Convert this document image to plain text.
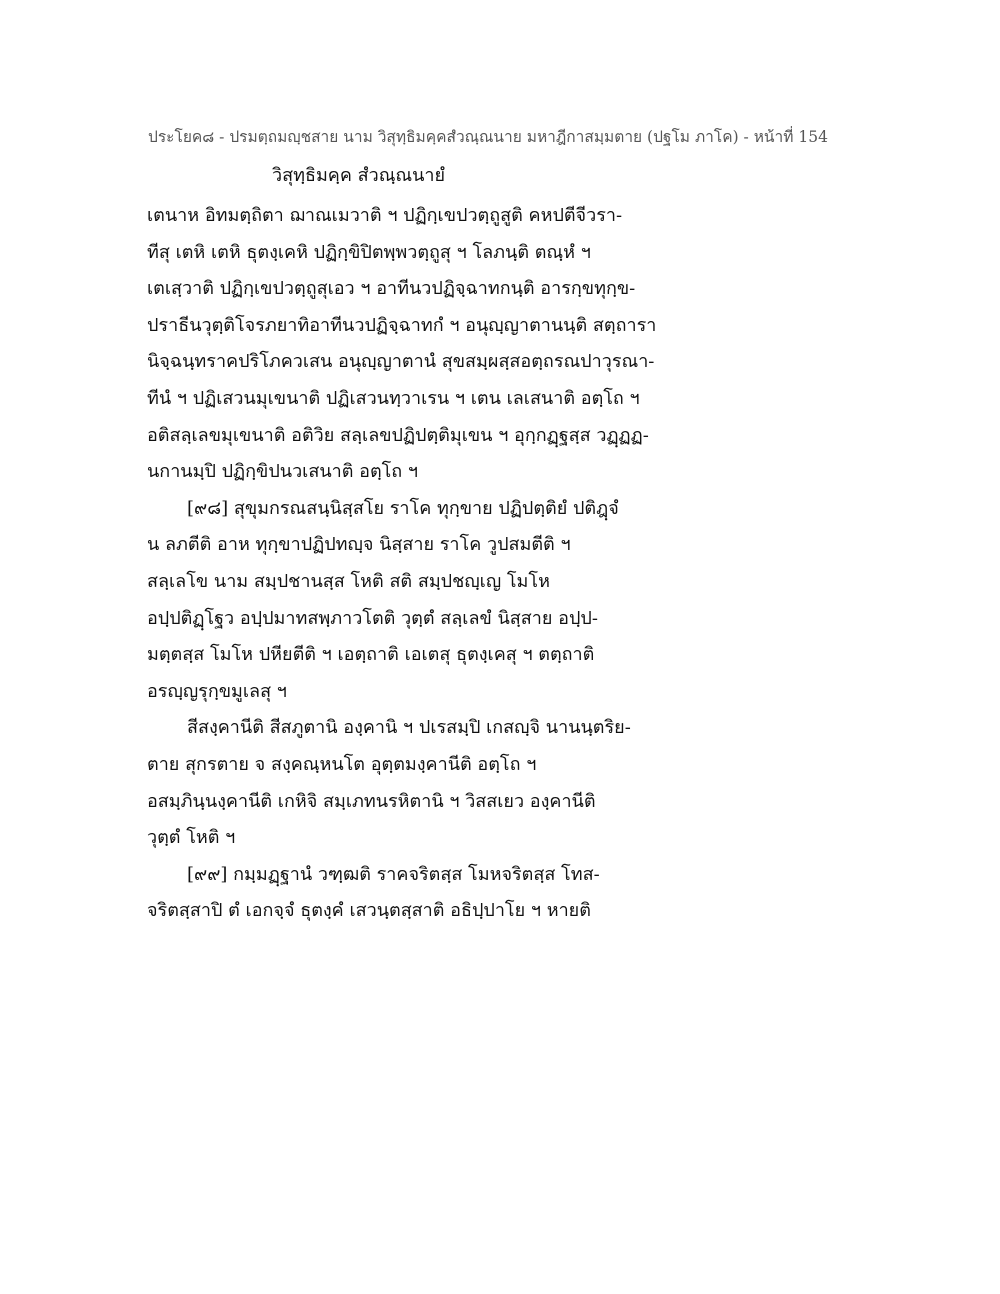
ประโยค๘ - ปรมตฺถมญฺชสาย นาม วิสุทฺธิมคฺคสํวณฺณนาย มหาฎีกาสมฺมตาย (ปฐโม ภาโค) - หน้าที่ 154
วิสุทฺธิมคฺค สํวณฺณนายํ
เตนาห อิทมตฺถิตา ฌาณเมวาติ ฯ ปฏิกฺเขปวตฺถูสูติ คหปตีจีวรา-
ทีสุ เตหิ เตหิ ธุตงฺเคหิ ปฏิกฺขิปิตพฺพวตฺถูสุ ฯ โลภนฺติ ตณฺหํ ฯ
เตเสฺวาติ ปฏิกฺเขปวตฺถูสุเอว ฯ อาทีนวปฏิจฺฉาทกนฺติ อารกฺขทุกฺข-
ปราธีนวุตฺติโจรภยาทิอาทีนวปฏิจฺฉาทกํ ฯ อนุญฺญาตานนฺติ สตฺถารา
นิจฺฉนฺทราคปริโภควเสน อนุญฺญาตานํ สุขสมฺผสฺสอตฺถรณปาวุรณา-
ทีนํ ฯ ปฏิเสวนมุเขนาติ ปฏิเสวนทฺวาเรน ฯ เตน เลเสนาติ อตฺโถ ฯ
อติสลฺเลขมุเขนาติ อติวิย สลฺเลขปฏิปตฺติมุเขน ฯ อุกฺกฏฺฐสฺส วฏฺฏฏ-
นกานมฺปิ ปฏิกฺขิปนวเสนาติ อตฺโถ ฯ
[๙๘] สุขุมกรณสนฺนิสฺสโย ราโค ทุกฺขาย ปฏิปตฺติยํ ปติฎฺจํ
น ลภตีติ อาห ทุกฺขาปฏิปทญฺจ นิสฺสาย ราโค วูปสมตีติ ฯ
สลฺเลโข นาม สมฺปชานสฺส โหติ สติ สมฺปชญฺเญ โมโห
อปฺปติฏฺโฐว อปฺปมาทสพฺภาวโตติ วุตฺตํ สลฺเลขํ นิสฺสาย อปฺป-
มตฺตสฺส โมโห ปหียตีติ ฯ เอตฺถาติ เอเตสุ ธุตงฺเคสุ ฯ ตตฺถาติ
อรญฺญรุกฺขมูเลสุ ฯ
สีสงฺคานีติ สีสภูตานิ องฺคานิ ฯ ปเรสมฺปิ เกสญฺจิ นานนฺตริย-
ตาย สุกรตาย จ สงฺคณฺหนโต อุตฺตมงฺคานีติ อตฺโถ ฯ
อสมฺภินฺนงฺคานีติ เกหิจิ สมฺเภทนรหิตานิ ฯ วิสสเยว องฺคานีติ
วุตฺตํ โหติ ฯ
[๙๙] กมฺมฏฺฐานํ วฑฺฒติ ราคจริตสฺส โมหจริตสฺส โทส-
จริตสฺสาปิ ตํ เอกจฺจํ ธุตงฺคํ เสวนฺตสฺสาติ อธิปฺปาโย ฯ หายติ
